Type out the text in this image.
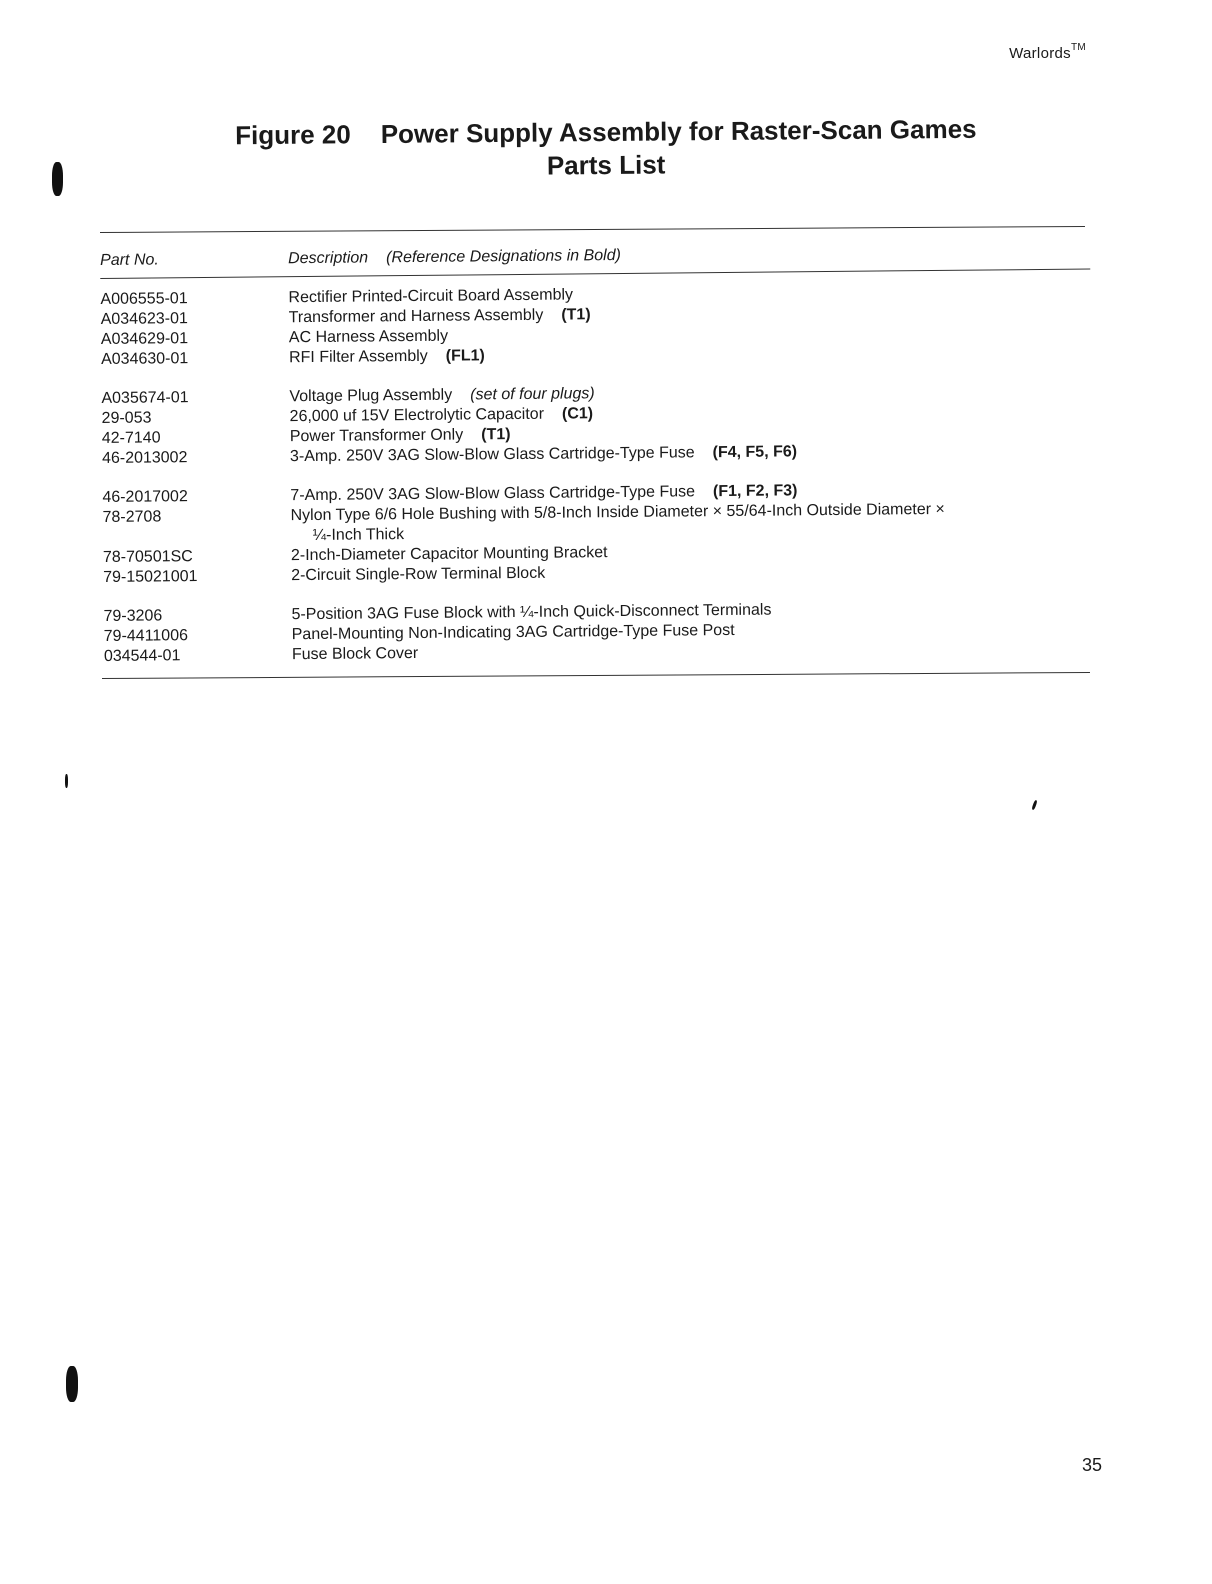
Warlords™
Figure 20 Power Supply Assembly for Raster-Scan Games
Parts List
Part No.	Description (Reference Designations in Bold)
A006555-01	Rectifier Printed-Circuit Board Assembly
A034623-01	Transformer and Harness Assembly (T1)
A034629-01	AC Harness Assembly
A034630-01	RFI Filter Assembly (FL1)
A035674-01	Voltage Plug Assembly (set of four plugs)
29-053	26,000 uf 15V Electrolytic Capacitor (C1)
42-7140	Power Transformer Only (T1)
46-2013002	3-Amp. 250V 3AG Slow-Blow Glass Cartridge-Type Fuse (F4, F5, F6)
46-2017002	7-Amp. 250V 3AG Slow-Blow Glass Cartridge-Type Fuse (F1, F2, F3)
78-2708	Nylon Type 6/6 Hole Bushing with 5/8-Inch Inside Diameter × 55/64-Inch Outside Diameter ×
¼-Inch Thick
78-70501SC	2-Inch-Diameter Capacitor Mounting Bracket
79-15021001	2-Circuit Single-Row Terminal Block
79-3206	5-Position 3AG Fuse Block with ¼-Inch Quick-Disconnect Terminals
79-4411006	Panel-Mounting Non-Indicating 3AG Cartridge-Type Fuse Post
034544-01	Fuse Block Cover
35
